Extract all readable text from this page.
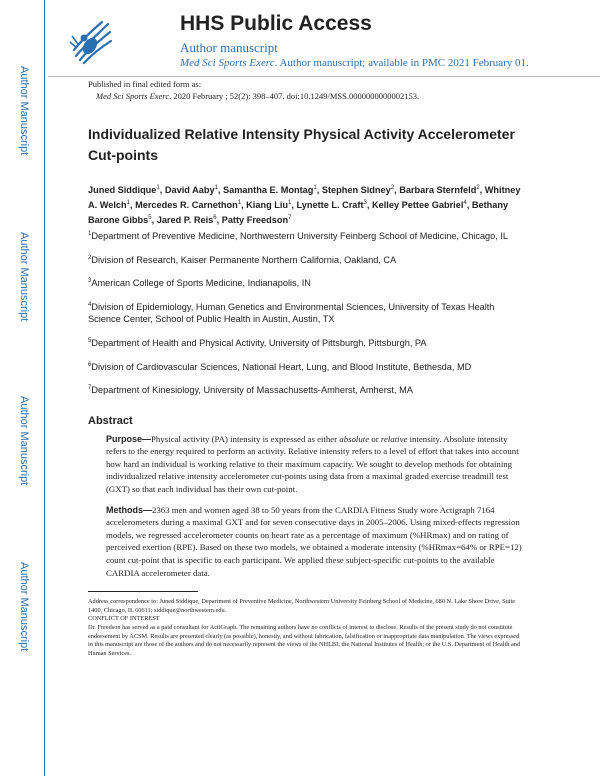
Author Manuscript
Author Manuscript
Author Manuscript
Author Manuscript
HHS Public Access
Author manuscript
Med Sci Sports Exerc. Author manuscript; available in PMC 2021 February 01.
Published in final edited form as:
Med Sci Sports Exerc. 2020 February ; 52(2): 398–407. doi:10.1249/MSS.0000000000002153.
Individualized Relative Intensity Physical Activity Accelerometer Cut-points
Juned Siddique$^1$, David Aaby$^1$, Samantha E. Montag$^1$, Stephen Sidney$^2$, Barbara Sternfeld$^2$, Whitney A. Welch$^1$, Mercedes R. Carnethon$^1$, Kiang Liu$^1$, Lynette L. Craft$^3$, Kelley Pettee Gabriel$^4$, Bethany Barone Gibbs$^5$, Jared P. Reis$^6$, Patty Freedson$^7$
$^1$Department of Preventive Medicine, Northwestern University Feinberg School of Medicine, Chicago, IL
$^2$Division of Research, Kaiser Permanente Northern California, Oakland, CA
$^3$American College of Sports Medicine, Indianapolis, IN
$^4$Division of Epidemiology, Human Genetics and Environmental Sciences, University of Texas Health Science Center, School of Public Health in Austin, Austin, TX
$^5$Department of Health and Physical Activity, University of Pittsburgh, Pittsburgh, PA
$^6$Division of Cardiovascular Sciences, National Heart, Lung, and Blood Institute, Bethesda, MD
$^7$Department of Kinesiology, University of Massachusetts-Amherst, Amherst, MA
Abstract
Purpose—Physical activity (PA) intensity is expressed as either absolute or relative intensity. Absolute intensity refers to the energy required to perform an activity. Relative intensity refers to a level of effort that takes into account how hard an individual is working relative to their maximum capacity. We sought to develop methods for obtaining individualized relative intensity accelerometer cut-points using data from a maximal graded exercise treadmill test (GXT) so that each individual has their own cut-point.
Methods—2363 men and women aged 38 to 50 years from the CARDIA Fitness Study wore Actigraph 7164 accelerometers during a maximal GXT and for seven consecutive days in 2005–2006. Using mixed-effects regression models, we regressed accelerometer counts on heart rate as a percentage of maximum (%HRmax) and on rating of perceived exertion (RPE). Based on these two models, we obtained a moderate intensity (%HRmax=64% or RPE=12) count cut-point that is specific to each participant. We applied these subject-specific cut-points to the available CARDIA accelerometer data.
Address correspondence to: Juned Siddique, Department of Preventive Medicine, Northwestern University Feinberg School of Medicine, 680 N. Lake Shore Drive, Suite 1400, Chicago, IL 60611; siddique@northwestern.edu.
CONFLICT OF INTEREST
Dr. Freedson has served as a paid consultant for ActiGraph. The remaining authors have no conflicts of interest to disclose. Results of the present study do not constitute endorsement by ACSM. Results are presented clearly (as possible), honestly, and without fabrication, falsification or inappropriate data manipulation. The views expressed in this manuscript are those of the authors and do not necessarily represent the views of the NHLBI; the National Institutes of Health; or the U.S. Department of Health and Human Services.
